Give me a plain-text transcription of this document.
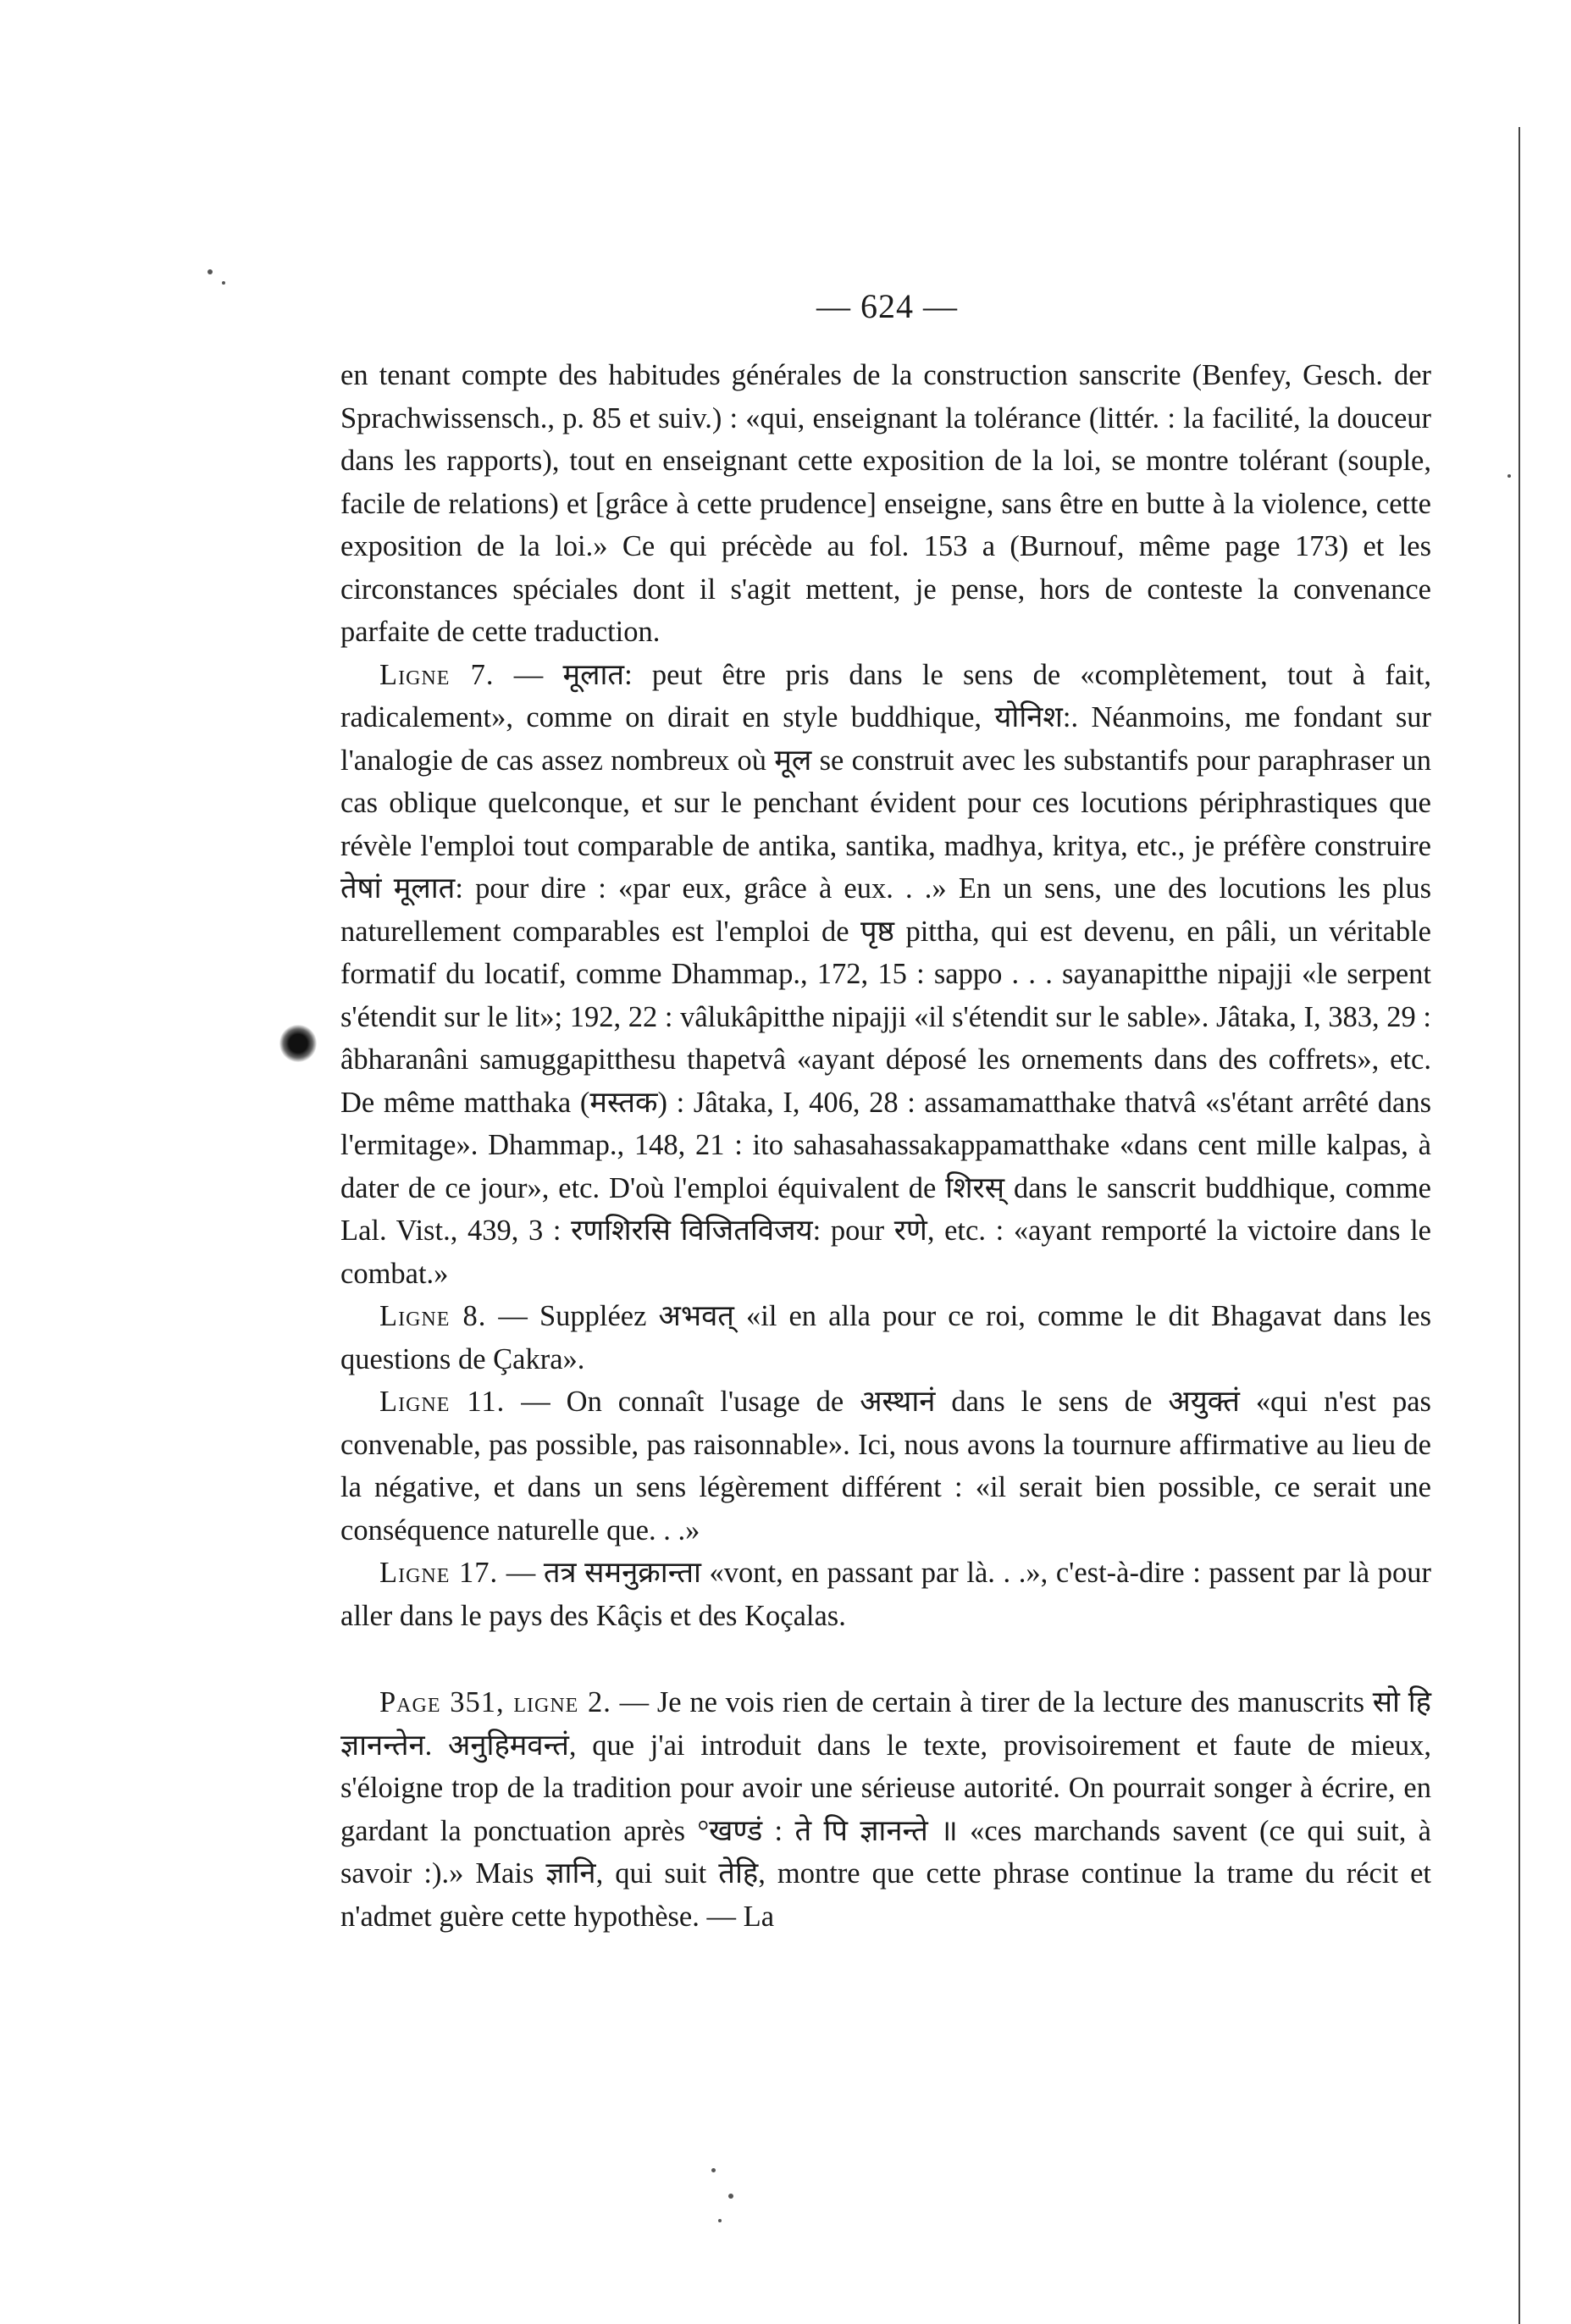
— 624 —

en tenant compte des habitudes générales de la construction sanscrite (Benfey, Gesch. der Sprachwissensch., p. 85 et suiv.) : «qui, enseignant la tolérance (littér. : la facilité, la douceur dans les rapports), tout en enseignant cette exposition de la loi, se montre tolérant (souple, facile de relations) et [grâce à cette prudence] enseigne, sans être en butte à la violence, cette exposition de la loi.» Ce qui précède au fol. 153 a (Burnouf, même page 173) et les circonstances spéciales dont il s'agit mettent, je pense, hors de conteste la convenance parfaite de cette traduction.

Ligne 7. — मूलात: peut être pris dans le sens de «complètement, tout à fait, radicalement», comme on dirait en style buddhique, योनिश:. Néanmoins, me fondant sur l'analogie de cas assez nombreux où मूल se construit avec les substantifs pour paraphraser un cas oblique quelconque, et sur le penchant évident pour ces locutions périphrastiques que révèle l'emploi tout comparable de antika, santika, madhya, kritya, etc., je préfère construire तेषां मूलात: pour dire : «par eux, grâce à eux. . .» En un sens, une des locutions les plus naturellement comparables est l'emploi de पृष्ठ pittha, qui est devenu, en pâli, un véritable formatif du locatif, comme Dhammap., 172, 15 : sappo . . . sayanapitthe nipajji «le serpent s'étendit sur le lit»; 192, 22 : vâlukâpitthe nipajji «il s'étendit sur le sable». Jâtaka, I, 383, 29 : âbharanâni samuggapitthesu thapetvâ «ayant déposé les ornements dans des coffrets», etc. De même matthaka (मस्तक) : Jâtaka, I, 406, 28 : assamamatthake thatvâ «s'étant arrêté dans l'ermitage». Dhammap., 148, 21 : ito sahasahassakappamatthake «dans cent mille kalpas, à dater de ce jour», etc. D'où l'emploi équivalent de शिरस् dans le sanscrit buddhique, comme Lal. Vist., 439, 3 : रणशिरसि विजितविजय: pour रणे, etc. : «ayant remporté la victoire dans le combat.»

Ligne 8. — Suppléez अभवत् «il en alla pour ce roi, comme le dit Bhagavat dans les questions de Çakra».

Ligne 11. — On connaît l'usage de अस्थानं dans le sens de अयुक्तं «qui n'est pas convenable, pas possible, pas raisonnable». Ici, nous avons la tournure affirmative au lieu de la négative, et dans un sens légèrement différent : «il serait bien possible, ce serait une conséquence naturelle que. . .»

Ligne 17. — तत्र समनुक्रान्ता «vont, en passant par là. . .», c'est-à-dire : passent par là pour aller dans le pays des Kâçis et des Koçalas.

Page 351, ligne 2. — Je ne vois rien de certain à tirer de la lecture des manuscrits सो हि ज्ञानन्तेन. अनुहिमवन्तं, que j'ai introduit dans le texte, provisoirement et faute de mieux, s'éloigne trop de la tradition pour avoir une sérieuse autorité. On pourrait songer à écrire, en gardant la ponctuation après °खण्डं : ते पि ज्ञानन्ते ॥ «ces marchands savent (ce qui suit, à savoir :).» Mais ज्ञानि, qui suit तेहि, montre que cette phrase continue la trame du récit et n'admet guère cette hypothèse. — La
